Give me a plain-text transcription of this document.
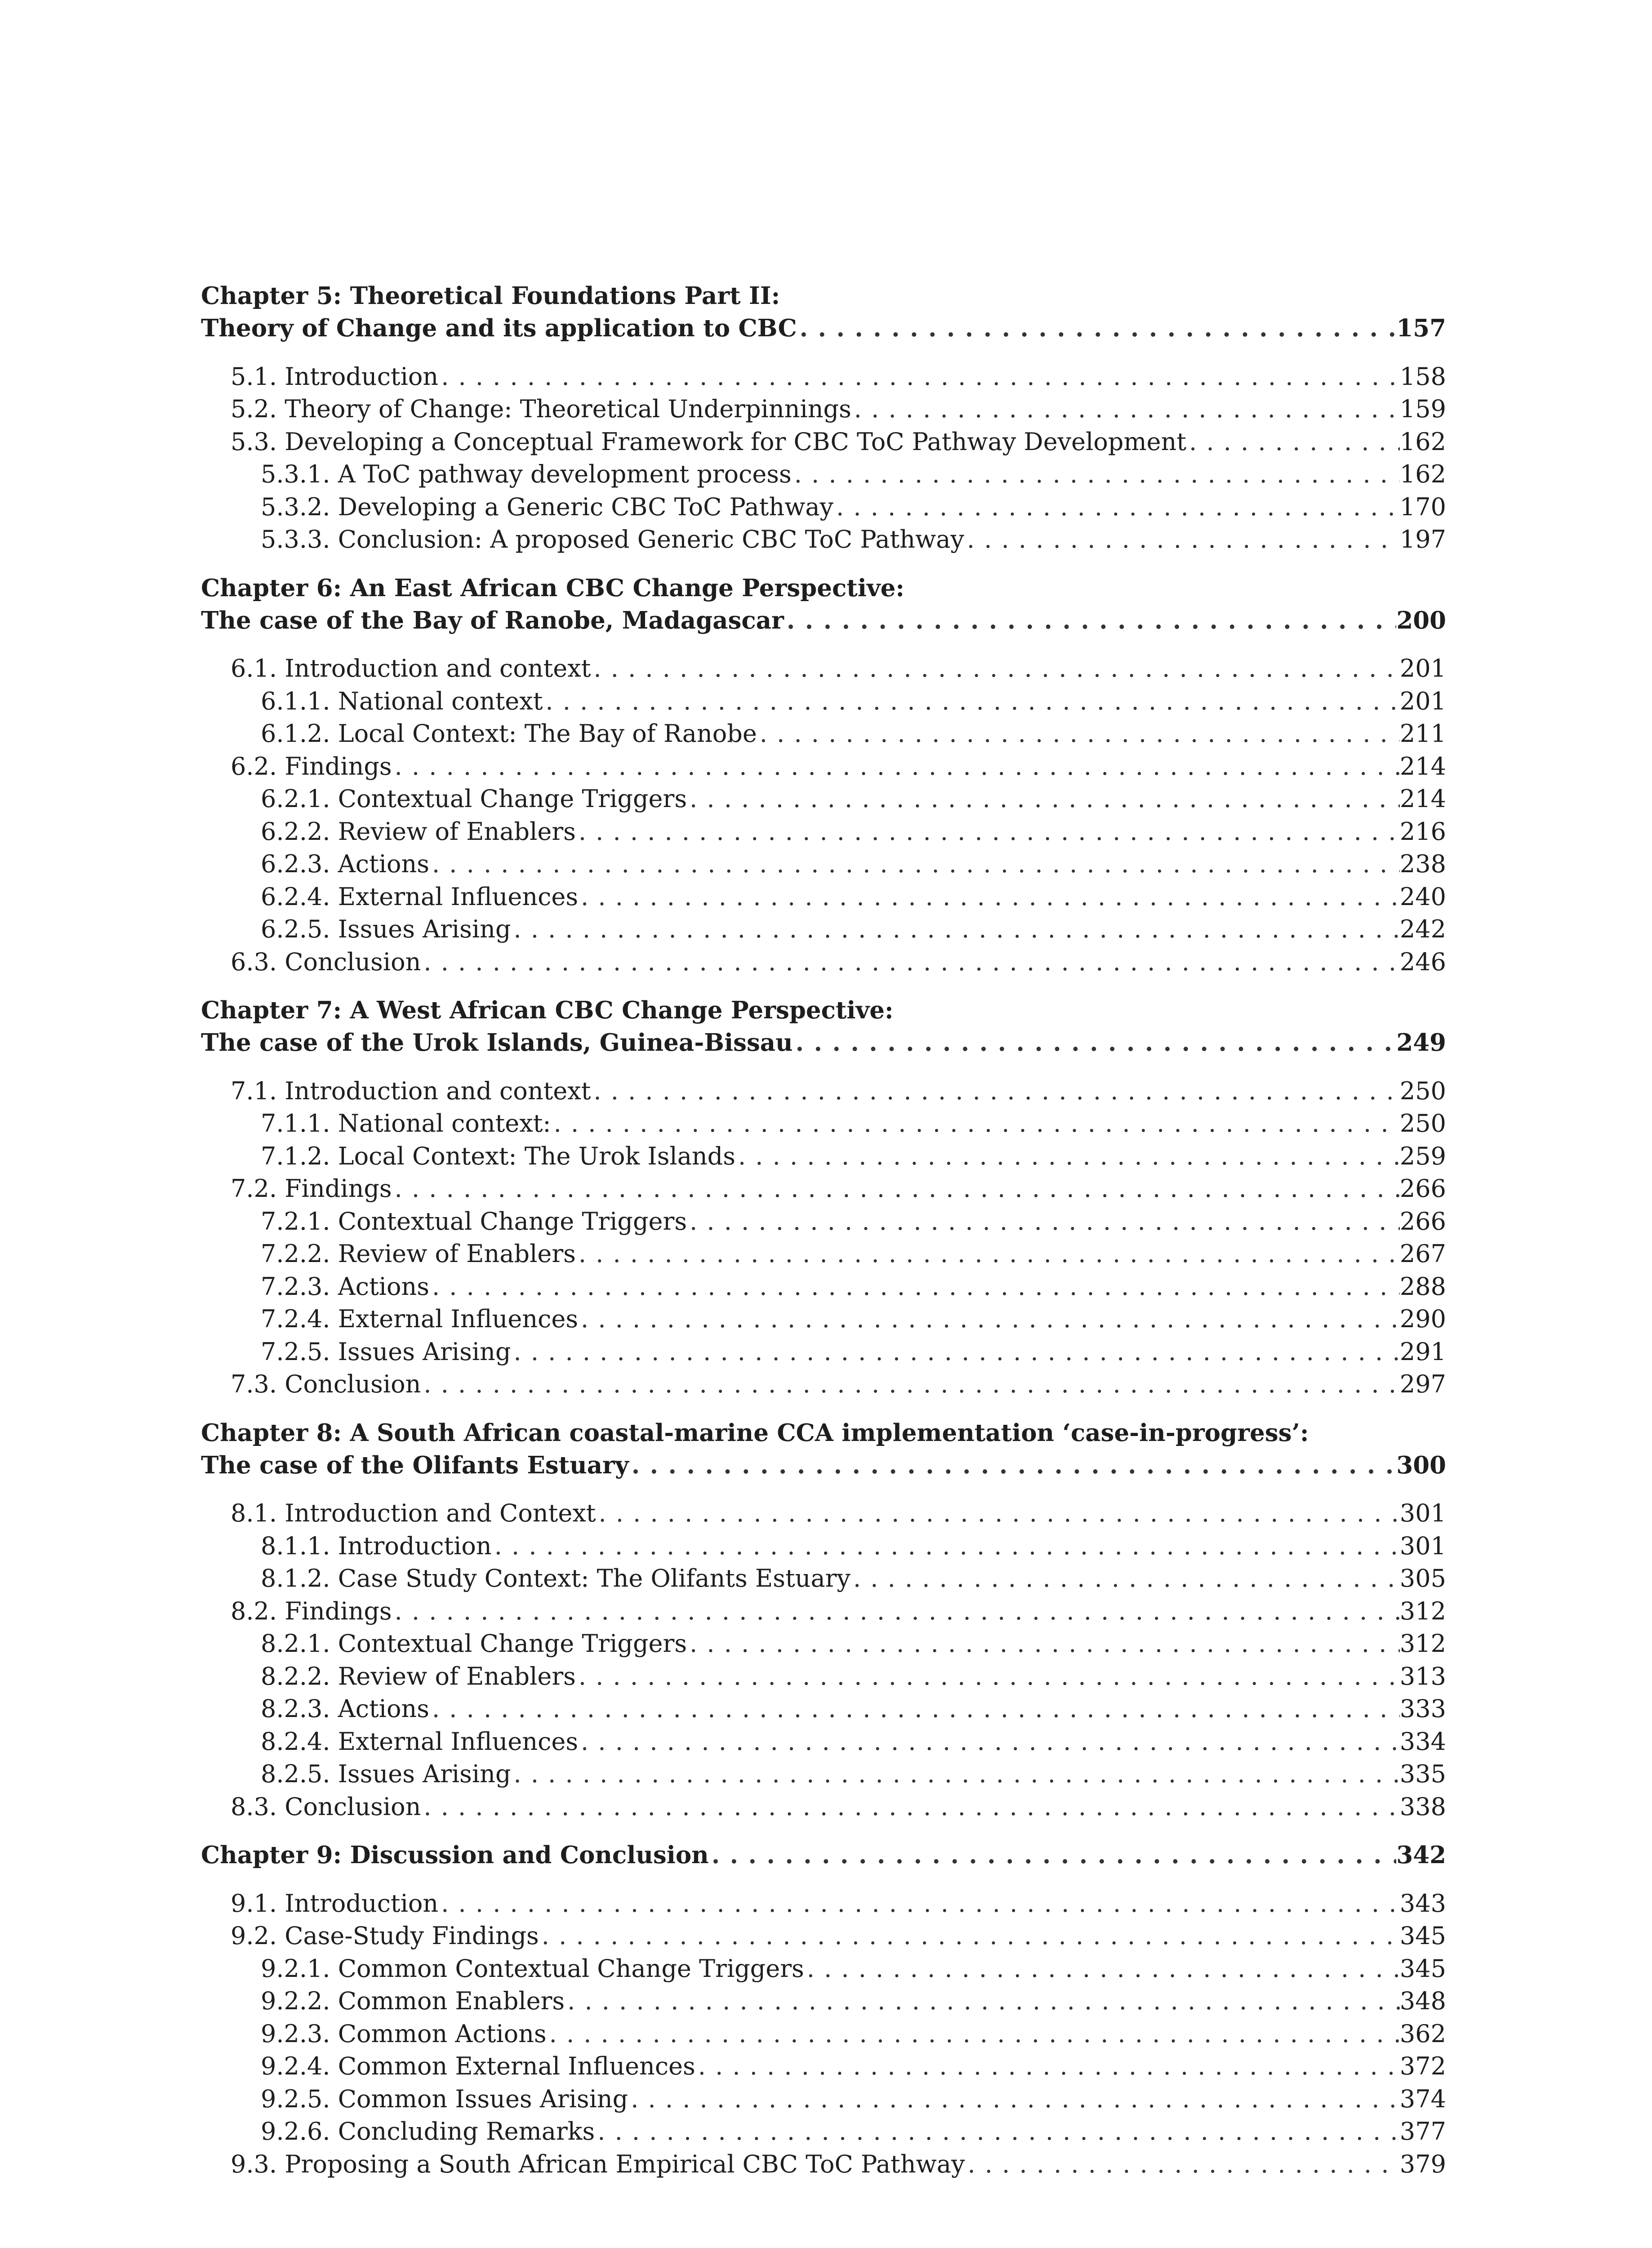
Chapter 5: Theoretical Foundations Part II:
Theory of Change and its application to CBC . . .	157
5.1. Introduction . . .	158
5.2. Theory of Change: Theoretical Underpinnings . . .	159
5.3. Developing a Conceptual Framework for CBC ToC Pathway Development . . .	162
5.3.1. A ToC pathway development process . . .	162
5.3.2. Developing a Generic CBC ToC Pathway . . .	170
5.3.3. Conclusion: A proposed Generic CBC ToC Pathway . . .	197
Chapter 6: An East African CBC Change Perspective:
The case of the Bay of Ranobe, Madagascar . . .	200
6.1. Introduction and context . . .	201
6.1.1. National context . . .	201
6.1.2. Local Context: The Bay of Ranobe . . .	211
6.2. Findings . . .	214
6.2.1. Contextual Change Triggers . . .	214
6.2.2. Review of Enablers . . .	216
6.2.3. Actions . . .	238
6.2.4. External Influences . . .	240
6.2.5. Issues Arising . . .	242
6.3. Conclusion . . .	246
Chapter 7: A West African CBC Change Perspective:
The case of the Urok Islands, Guinea-Bissau . . .	249
7.1. Introduction and context . . .	250
7.1.1. National context: . . .	250
7.1.2. Local Context: The Urok Islands . . .	259
7.2. Findings . . .	266
7.2.1. Contextual Change Triggers . . .	266
7.2.2. Review of Enablers . . .	267
7.2.3. Actions . . .	288
7.2.4. External Influences . . .	290
7.2.5. Issues Arising . . .	291
7.3. Conclusion . . .	297
Chapter 8: A South African coastal-marine CCA implementation ‘case-in-progress’:
The case of the Olifants Estuary . . .	300
8.1. Introduction and Context . . .	301
8.1.1. Introduction . . .	301
8.1.2. Case Study Context: The Olifants Estuary . . .	305
8.2. Findings . . .	312
8.2.1. Contextual Change Triggers . . .	312
8.2.2. Review of Enablers . . .	313
8.2.3. Actions . . .	333
8.2.4. External Influences . . .	334
8.2.5. Issues Arising . . .	335
8.3. Conclusion . . .	338
Chapter 9: Discussion and Conclusion . . .	342
9.1. Introduction . . .	343
9.2. Case-Study Findings . . .	345
9.2.1. Common Contextual Change Triggers . . .	345
9.2.2. Common Enablers . . .	348
9.2.3. Common Actions . . .	362
9.2.4. Common External Influences . . .	372
9.2.5. Common Issues Arising . . .	374
9.2.6. Concluding Remarks . . .	377
9.3. Proposing a South African Empirical CBC ToC Pathway . . .	379
